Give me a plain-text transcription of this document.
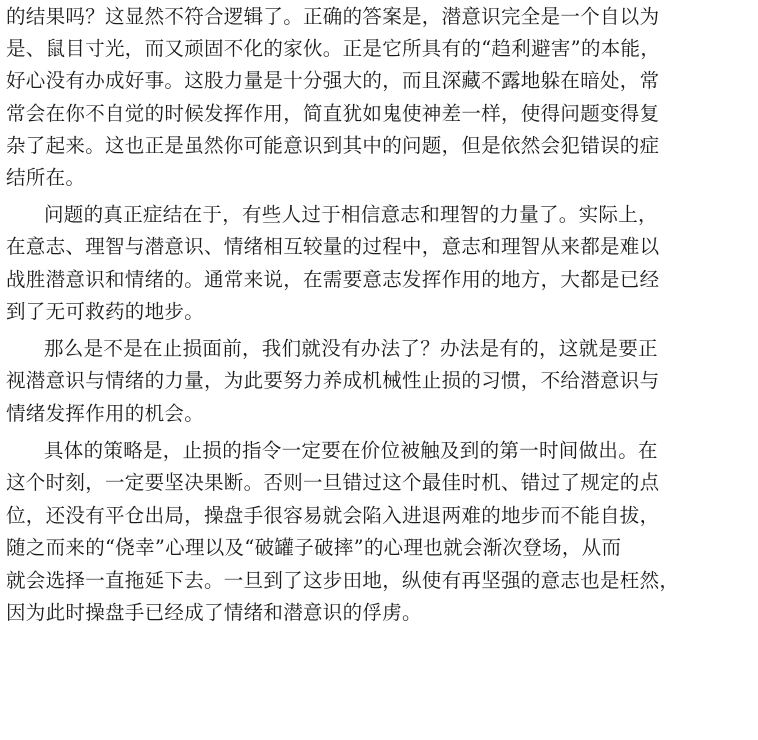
的结果吗？这显然不符合逻辑了。正确的答案是，潜意识完全是一个自以为
是、鼠目寸光，而又顽固不化的家伙。正是它所具有的“趋利避害”的本能，
好心没有办成好事。这股力量是十分强大的，而且深藏不露地躲在暗处，常
常会在你不自觉的时候发挥作用，简直犹如鬼使神差一样，使得问题变得复
杂了起来。这也正是虽然你可能意识到其中的问题，但是依然会犯错误的症
结所在。
问题的真正症结在于，有些人过于相信意志和理智的力量了。实际上，
在意志、理智与潜意识、情绪相互较量的过程中，意志和理智从来都是难以
战胜潜意识和情绪的。通常来说，在需要意志发挥作用的地方，大都是已经
到了无可救药的地步。
那么是不是在止损面前，我们就没有办法了？办法是有的，这就是要正
视潜意识与情绪的力量，为此要努力养成机械性止损的习惯，不给潜意识与
情绪发挥作用的机会。
具体的策略是，止损的指令一定要在价位被触及到的第一时间做出。在
这个时刻，一定要坚决果断。否则一旦错过这个最佳时机、错过了规定的点
位，还没有平仓出局，操盘手很容易就会陷入进退两难的地步而不能自拔，
随之而来的“侥幸”心理以及“破罐子破摔”的心理也就会渐次登场，从而
就会选择一直拖延下去。一旦到了这步田地，纵使有再坚强的意志也是枉然，
因为此时操盘手已经成了情绪和潜意识的俘虏。
